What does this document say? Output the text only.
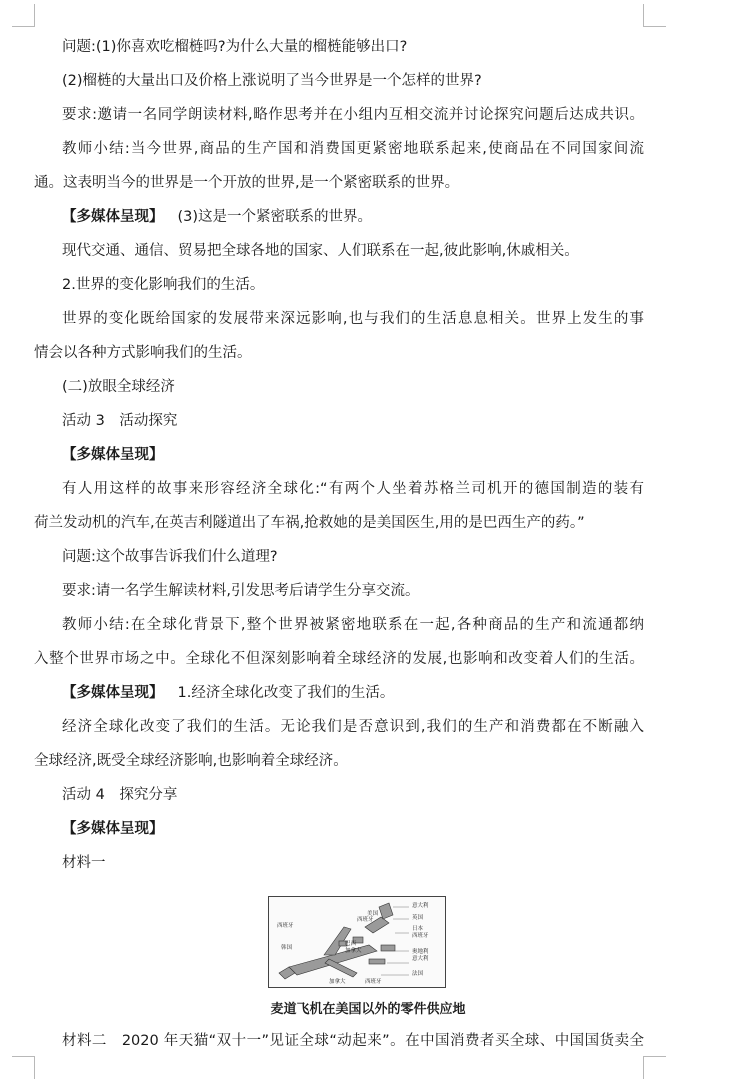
问题:(1)你喜欢吃榴梿吗?为什么大量的榴梿能够出口?
(2)榴梿的大量出口及价格上涨说明了当今世界是一个怎样的世界?
要求:邀请一名同学朗读材料,略作思考并在小组内互相交流并讨论探究问题后达成共识。
教师小结:当今世界,商品的生产国和消费国更紧密地联系起来,使商品在不同国家间流
通。这表明当今的世界是一个开放的世界,是一个紧密联系的世界。
【多媒体呈现】 (3)这是一个紧密联系的世界。
现代交通、通信、贸易把全球各地的国家、人们联系在一起,彼此影响,休戚相关。
2.世界的变化影响我们的生活。
世界的变化既给国家的发展带来深远影响,也与我们的生活息息相关。世界上发生的事
情会以各种方式影响我们的生活。
(二)放眼全球经济
活动 3　活动探究
【多媒体呈现】
有人用这样的故事来形容经济全球化:“有两个人坐着苏格兰司机开的德国制造的装有
荷兰发动机的汽车,在英吉利隧道出了车祸,抢救她的是美国医生,用的是巴西生产的药。”
问题:这个故事告诉我们什么道理?
要求:请一名学生解读材料,引发思考后请学生分享交流。
教师小结:在全球化背景下,整个世界被紧密地联系在一起,各种商品的生产和流通都纳
入整个世界市场之中。全球化不但深刻影响着全球经济的发展,也影响和改变着人们的生活。
【多媒体呈现】 1.经济全球化改变了我们的生活。
经济全球化改变了我们的生活。无论我们是否意识到,我们的生产和消费都在不断融入
全球经济,既受全球经济影响,也影响着全球经济。
活动 4　探究分享
【多媒体呈现】
材料一
意大利
英国
日本
西班牙
美国
韩国
西班牙
巴西
加拿大
西班牙
奥地利
意大利
法国
加拿大	西班牙
麦道飞机在美国以外的零件供应地
材料二　2020 年天猫“双十一”见证全球“动起来”。在中国消费者买全球、中国国货卖全
